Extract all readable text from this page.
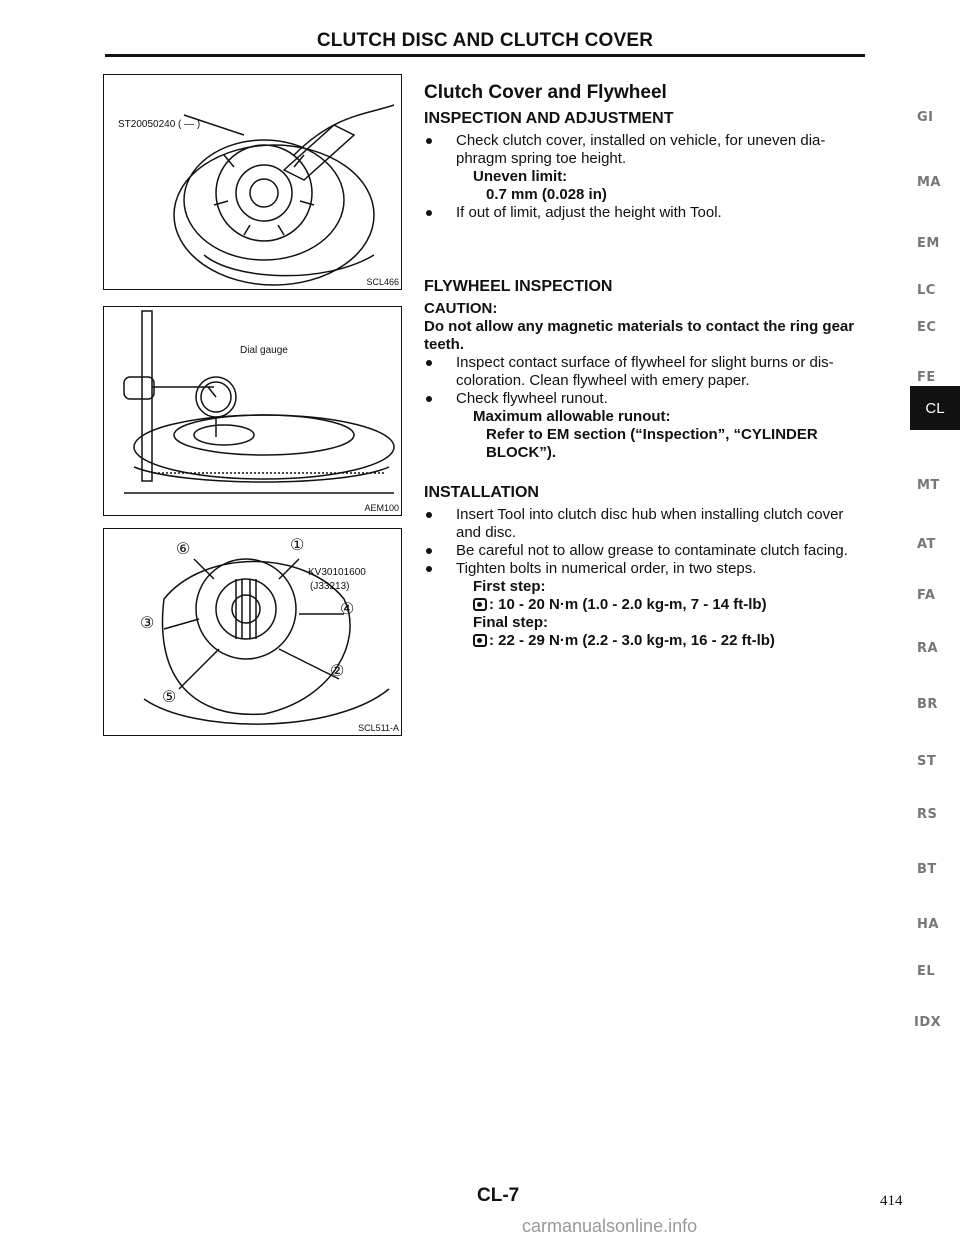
CLUTCH DISC AND CLUTCH COVER
ST20050240 ( — )
SCL466
Dial gauge
AEM100
⑥	①
③
④
②
⑤
KV30101600
(J33213)
SCL511-A
Clutch Cover and Flywheel
INSPECTION AND ADJUSTMENT
Check clutch cover, installed on vehicle, for uneven dia-
phragm spring toe height.
Uneven limit:
0.7 mm (0.028 in)
If out of limit, adjust the height with Tool.
FLYWHEEL INSPECTION
CAUTION:
Do not allow any magnetic materials to contact the ring gear
teeth.
Inspect contact surface of flywheel for slight burns or dis-
coloration. Clean flywheel with emery paper.
Check flywheel runout.
Maximum allowable runout:
Refer to EM section (“Inspection”, “CYLINDER
BLOCK”).
INSTALLATION
Insert Tool into clutch disc hub when installing clutch cover
and disc.
Be careful not to allow grease to contaminate clutch facing.
Tighten bolts in numerical order, in two steps.
First step:
: 10 - 20 N·m (1.0 - 2.0 kg-m, 7 - 14 ft-lb)
Final step:
: 22 - 29 N·m (2.2 - 3.0 kg-m, 16 - 22 ft-lb)
GI
MA
EM
LC
EC
FE
CL
MT
AT
FA
RA
BR
ST
RS
BT
HA
EL
IDX
CL-7	414
carmanualsonline.info
